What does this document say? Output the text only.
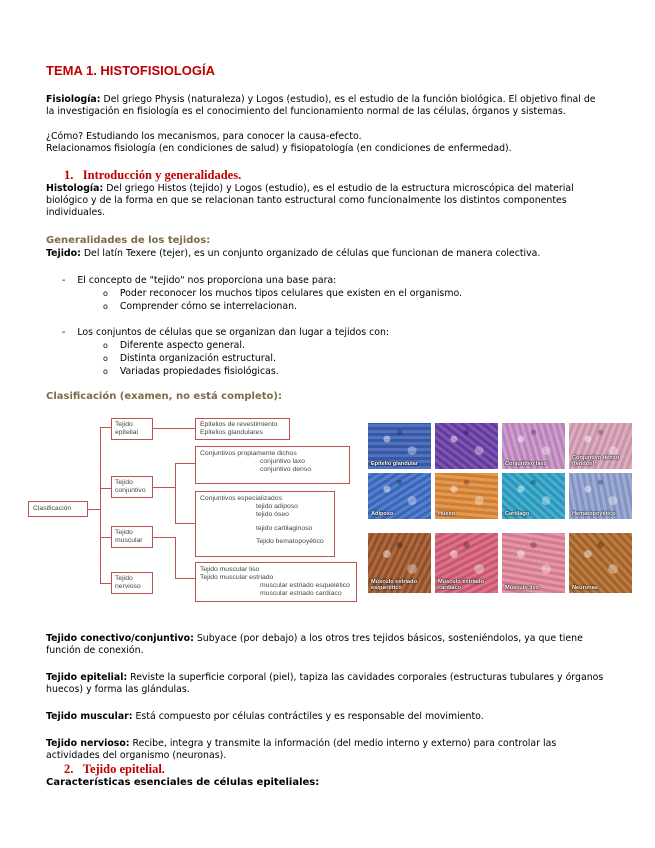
TEMA 1. HISTOFISIOLOGÍA
Fisiología: Del griego Physis (naturaleza) y Logos (estudio), es el estudio de la función biológica. El objetivo final de
la investigación en fisiología es el conocimiento del funcionamiento normal de las células, órganos y sistemas.
¿Cómo? Estudiando los mecanismos, para conocer la causa-efecto.
Relacionamos fisiología (en condiciones de salud) y fisiopatología (en condiciones de enfermedad).
1. Introducción y generalidades.
Histología: Del griego Histos (tejido) y Logos (estudio), es el estudio de la estructura microscópica del material
biológico y de la forma en que se relacionan tanto estructural como funcionalmente los distintos componentes
individuales.
Generalidades de los tejidos:
Tejido: Del latín Texere (tejer), es un conjunto organizado de células que funcionan de manera colectiva.
- El concepto de "tejido" nos proporciona una base para:
o Poder reconocer los muchos tipos celulares que existen en el organismo.
o Comprender cómo se interrelacionan.
- Los conjuntos de células que se organizan dan lugar a tejidos con:
o Diferente aspecto general.
o Distinta organización estructural.
o Variadas propiedades fisiológicas.
Clasificación (examen, no está completo):
Clasificación
Tejido epitelial
Tejido conjuntivo
Tejido muscular
Tejido nervioso
Epitelios de revestimiento
Epitelios glandulares
Conjuntivos propiamente dichos
conjuntivo laxo
conjuntivo denso
Conjuntivos especializados
tejido adiposo
tejido óseo
tejido cartilaginoso
Tejido hematopoyético
Tejido muscular liso
Tejido muscular estriado
muscular estriado esquelético
muscular estriado cardíaco
Epitelio glandular	Conjuntivo laxo
Conjuntivo denso (tendón)
Adiposo	Hueso	Cartílago	Hematopoyético
Músculo estriado esquelético
Músculo estriado cardíaco	Músculo liso	Neuronas
Tejido conectivo/conjuntivo: Subyace (por debajo) a los otros tres tejidos básicos, sosteniéndolos, ya que tiene
función de conexión.
Tejido epitelial: Reviste la superficie corporal (piel), tapiza las cavidades corporales (estructuras tubulares y órganos
huecos) y forma las glándulas.
Tejido muscular: Está compuesto por células contráctiles y es responsable del movimiento.
Tejido nervioso: Recibe, integra y transmite la información (del medio interno y externo) para controlar las
actividades del organismo (neuronas).
2. Tejido epitelial.
Características esenciales de células epiteliales:
